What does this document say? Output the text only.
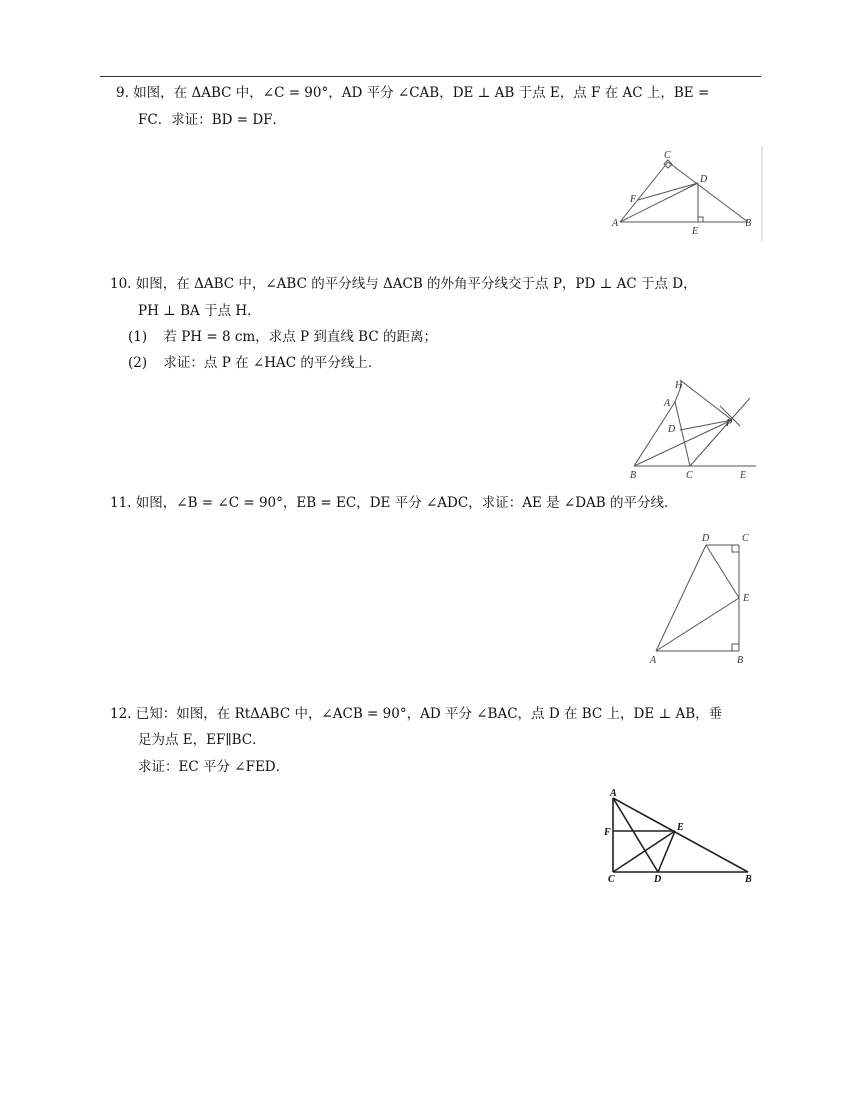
9. 如图，在 ΔABC 中，∠C = 90°，AD 平分 ∠CAB，DE ⊥ AB 于点 E，点 F 在 AC 上，BE =
FC．求证：BD = DF．
C
D
F
A
E
B
10. 如图，在 ΔABC 中，∠ABC 的平分线与 ΔACB 的外角平分线交于点 P，PD ⊥ AC 于点 D，
PH ⊥ BA 于点 H．
(1) 若 PH = 8 cm，求点 P 到直线 BC 的距离；
(2) 求证：点 P 在 ∠HAC 的平分线上．
H
A
D
P
B	C	E
11. 如图，∠B = ∠C = 90°，EB = EC，DE 平分 ∠ADC，求证：AE 是 ∠DAB 的平分线．
D	C
E
A	B
12. 已知：如图，在 RtΔABC 中，∠ACB = 90°，AD 平分 ∠BAC，点 D 在 BC 上，DE ⊥ AB，垂
足为点 E，EF∥BC．
求证：EC 平分 ∠FED．
A
F	E
C	D	B
